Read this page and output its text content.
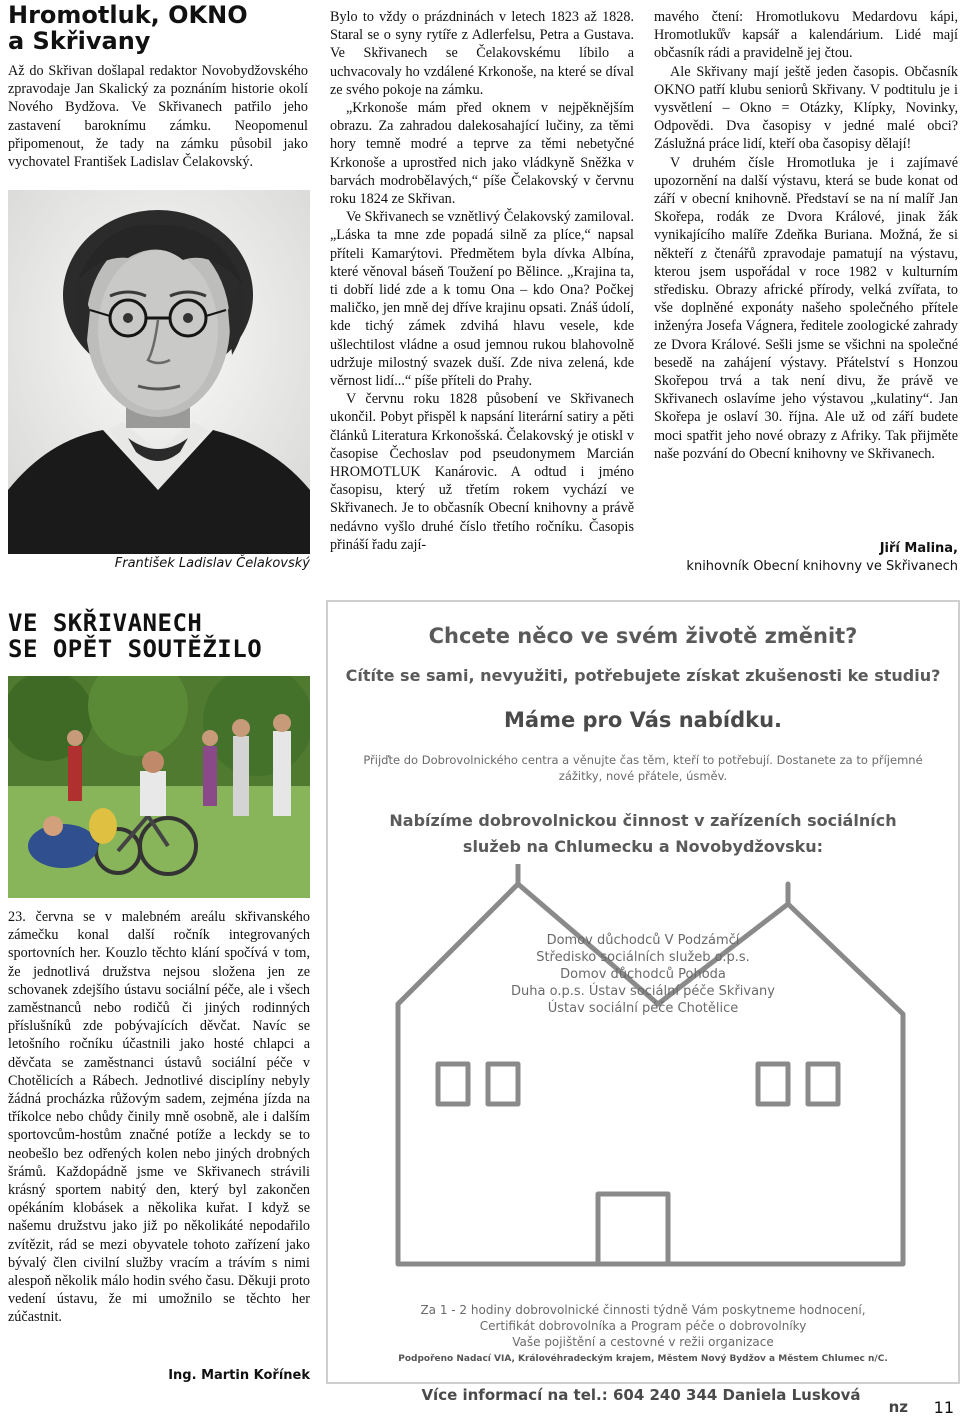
Hromotluk, OKNO
a Skřivany

Až do Skřivan došlapal redaktor Novobydžovského zpravodaje Jan Skalický za poznáním historie okolí Nového Bydžova. Ve Skřivanech patřilo jeho zastavení baroknímu zámku. Neopomenul připomenout, že tady na zámku působil jako vychovatel František Ladislav Čelakovský.

František Ladislav Čelakovský

Bylo to vždy o prázdninách v letech 1823 až 1828. Staral se o syny rytíře z Adlerfelsu, Petra a Gustava. Ve Skřivanech se Čelakovskému líbilo a uchvacovaly ho vzdálené Krkonoše, na které se díval ze svého pokoje na zámku.

„Krkonoše mám před oknem v nejpěknějším obrazu. Za zahradou dalekosahající lučiny, za těmi hory temně modré a teprve za těmi nebetyčné Krkonoše a uprostřed nich jako vládkyně Sněžka v barvách modrobělavých,“ píše Čelakovský v červnu roku 1824 ze Skřivan.

Ve Skřivanech se vznětlivý Čelakovský zamiloval. „Láska ta mne zde popadá silně za plíce,“ napsal příteli Kamarýtovi. Předmětem byla dívka Albína, které věnoval báseň Toužení po Bělince. „Krajina ta, ti dobří lidé zde a k tomu Ona – kdo Ona? Počkej maličko, jen mně dej dříve krajinu opsati. Znáš údolí, kde tichý zámek zdvihá hlavu vesele, kde ušlechtilost vládne a osud jemnou rukou blahovolně udržuje milostný svazek duší. Zde niva zelená, kde věrnost lidí...“ píše příteli do Prahy.

V červnu roku 1828 působení ve Skřivanech ukončil. Pobyt přispěl k napsání literární satiry a pěti článků Literatura Krkonošská. Čelakovský je otiskl v časopise Čechoslav pod pseudonymem Marcián HROMOTLUK Kanárovic. A odtud i jméno časopisu, který už třetím rokem vychází ve Skřivanech. Je to občasník Obecní knihovny a právě nedávno vyšlo druhé číslo třetího ročníku. Časopis přináší řadu zají-

mavého čtení: Hromotlukovu Medardovu kápi, Hromotluků̊v kapsář a kalendárium. Lidé mají občasník rádi a pravidelně jej čtou.

Ale Skřivany mají ještě jeden časopis. Občasník OKNO patří klubu seniorů Skřivany. V podtitulu je i vysvětlení – Okno = Otázky, Klípky, Novinky, Odpovědi. Dva časopisy v jedné malé obci? Záslužná práce lidí, kteří oba časopisy dělají!

V druhém čísle Hromotluka je i zajímavé upozornění na další výstavu, která se bude konat od září v obecní knihovně. Představí se na ní malíř Jan Skořepa, rodák ze Dvora Králové, jinak žák vynikajícího malíře Zdeňka Buriana. Možná, že si někteří z čtenářů zpravodaje pamatují na výstavu, kterou jsem uspořádal v roce 1982 v kulturním středisku. Obrazy africké přírody, velká zvířata, to vše doplněné exponáty našeho společného přítele inženýra Josefa Vágnera, ředitele zoologické zahrady ze Dvora Králové. Sešli jsme se všichni na společné besedě na zahájení výstavy. Přátelství s Honzou Skořepou trvá a tak není divu, že právě ve Skřivanech oslavíme jeho výstavou „kulatiny“. Jan Skořepa je oslaví 30. října. Ale už od září budete moci spatřit jeho nové obrazy z Afriky. Tak přijměte naše pozvání do Obecní knihovny ve Skřivanech.

Jiří Malina,
knihovník Obecní knihovny ve Skřivanech
VE SKŘIVANECH
SE OPĚT SOUTĚŽILO

23. června se v malebném areálu skřivanského zámečku konal další ročník integrovaných sportovních her. Kouzlo těchto klání spočívá v tom, že jednotlivá družstva nejsou složena jen ze schovanek zdejšího ústavu sociální péče, ale i všech zaměstnanců nebo rodičů či jiných rodinných příslušníků zde pobývajících děvčat. Navíc se letošního ročníku účastnili jako hosté chlapci a děvčata se zaměstnanci ústavů sociální péče v Chotělicích a Rábech. Jednotlivé disciplíny nebyly žádná procházka růžovým sadem, zejména jízda na tříkolce nebo chůdy činily mně osobně, ale i dalším sportovcům-hostům značné potíže a leckdy se to neobešlo bez odřených kolen nebo jiných drobných šrámů. Každopádně jsme ve Skřivanech strávili krásný sportem nabitý den, který byl zakončen opékáním klobásek a několika kuřat. I když se našemu družstvu jako již po několikáté nepodařilo zvítězit, rád se mezi obyvatele tohoto zařízení jako bývalý člen civilní služby vracím a trávím s nimi alespoň několik málo hodin svého času. Děkuji proto vedení ústavu, že mi umožnilo se těchto her zúčastnit.

Ing. Martin Kořínek
Chcete něco ve svém životě změnit?
Cítíte se sami, nevyužiti, potřebujete získat zkušenosti ke studiu?
Máme pro Vás nabídku.
Přijďte do Dobrovolnického centra a věnujte čas těm, kteří to potřebují. Dostanete za to příjemné zážitky, nové přátele, úsměv.
Nabízíme dobrovolnickou činnost v zařízeních sociálních služeb na Chlumecku a Novobydžovsku:
Domov důchodců V Podzámčí
Středisko sociálních služeb o.p.s.
Domov důchodců Pohoda
Duha o.p.s. Ústav sociální péče Skřivany
Ústav sociální péče Chotělice
Za 1 - 2 hodiny dobrovolnické činnosti týdně Vám poskytneme hodnocení,
Certifikát dobrovolníka a Program péče o dobrovolníky
Vaše pojištění a cestovné v režii organizace
Podpořeno Nadací VIA, Královéhradeckým krajem, Městem Nový Bydžov a Městem Chlumec n/C.
Více informací na tel.: 604 240 344 Daniela Lusková
nz	11
